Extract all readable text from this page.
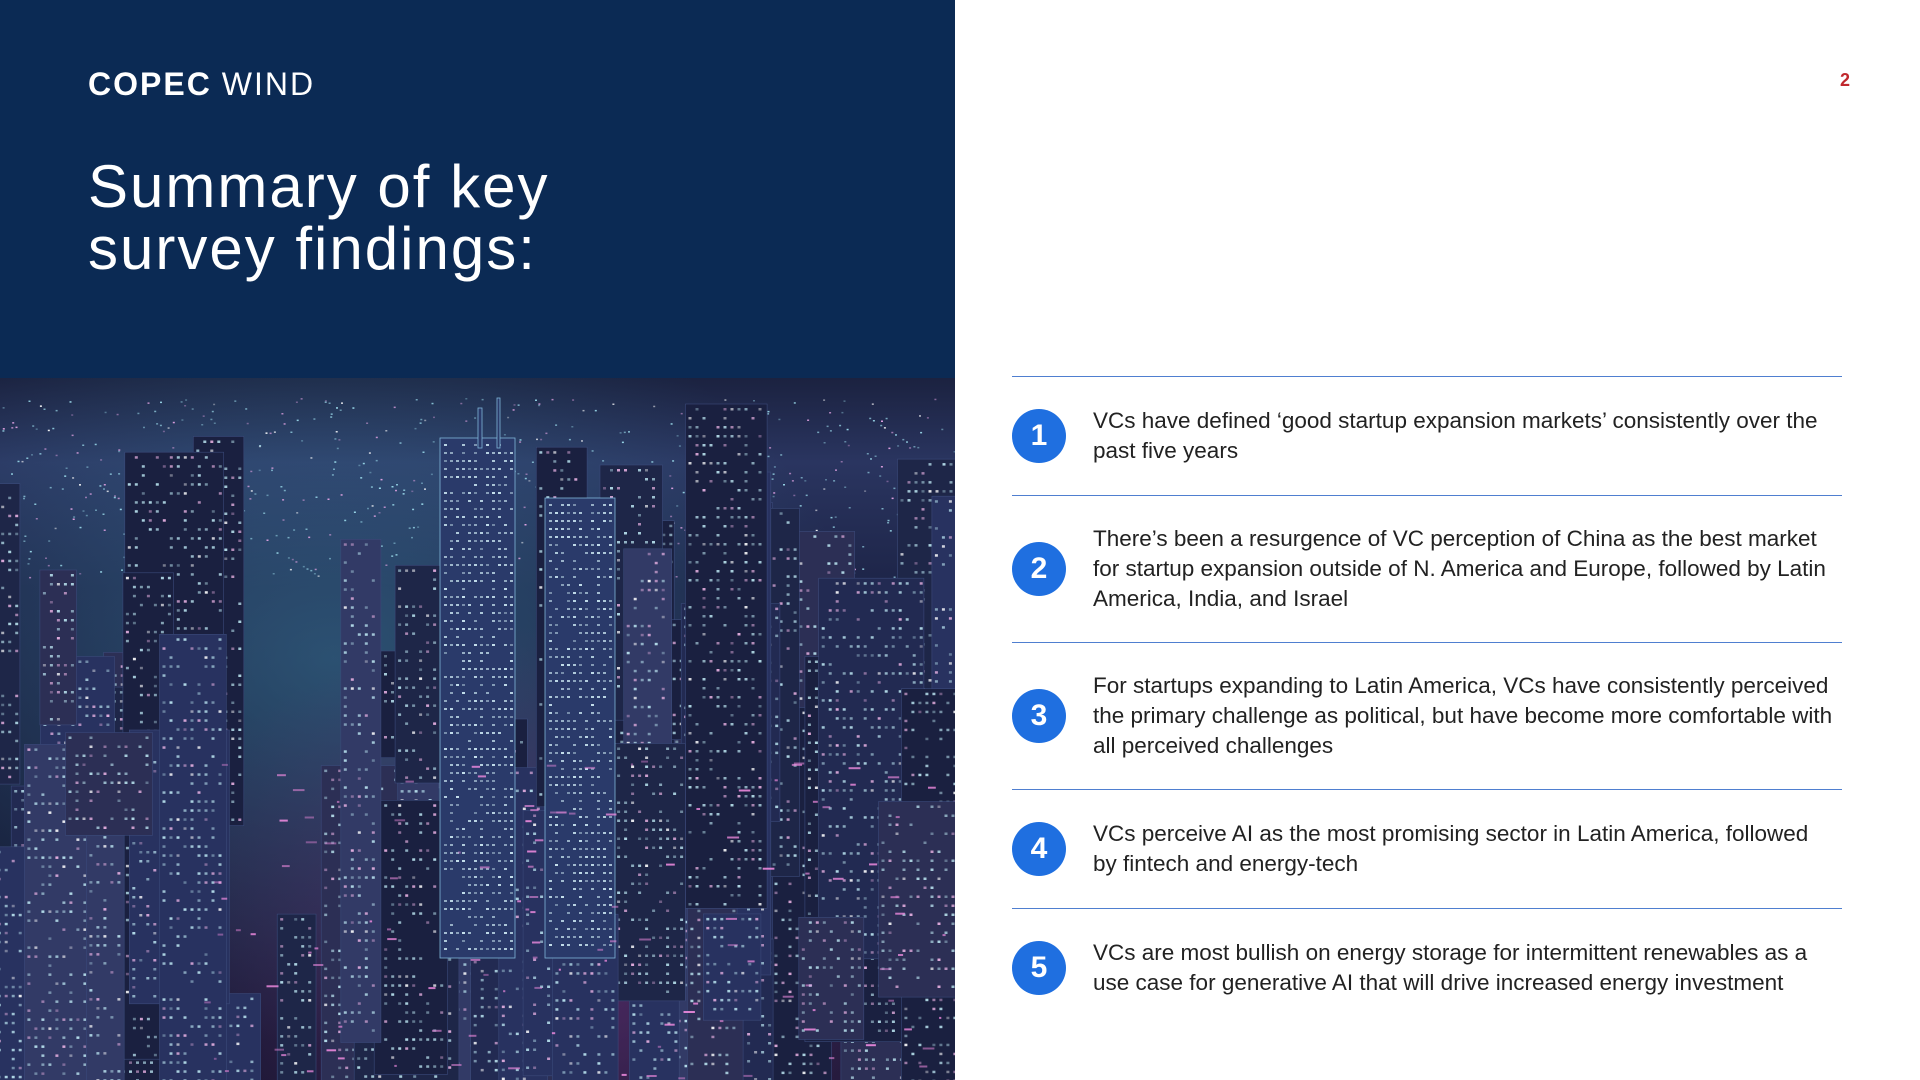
COPEC WIND
Summary of key
survey findings:
2
1	VCs have defined ‘good startup expansion markets’ consistently over the past five years
2
There’s been a resurgence of VC perception of China as the best market for startup expansion outside of N. America and Europe, followed by Latin America, India, and Israel
3
For startups expanding to Latin America, VCs have consistently perceived the primary challenge as political, but have become more comfortable with all perceived challenges
4	VCs perceive AI as the most promising sector in Latin America, followed by fintech and energy-tech
5	VCs are most bullish on energy storage for intermittent renewables as a use case for generative AI that will drive increased energy investment
